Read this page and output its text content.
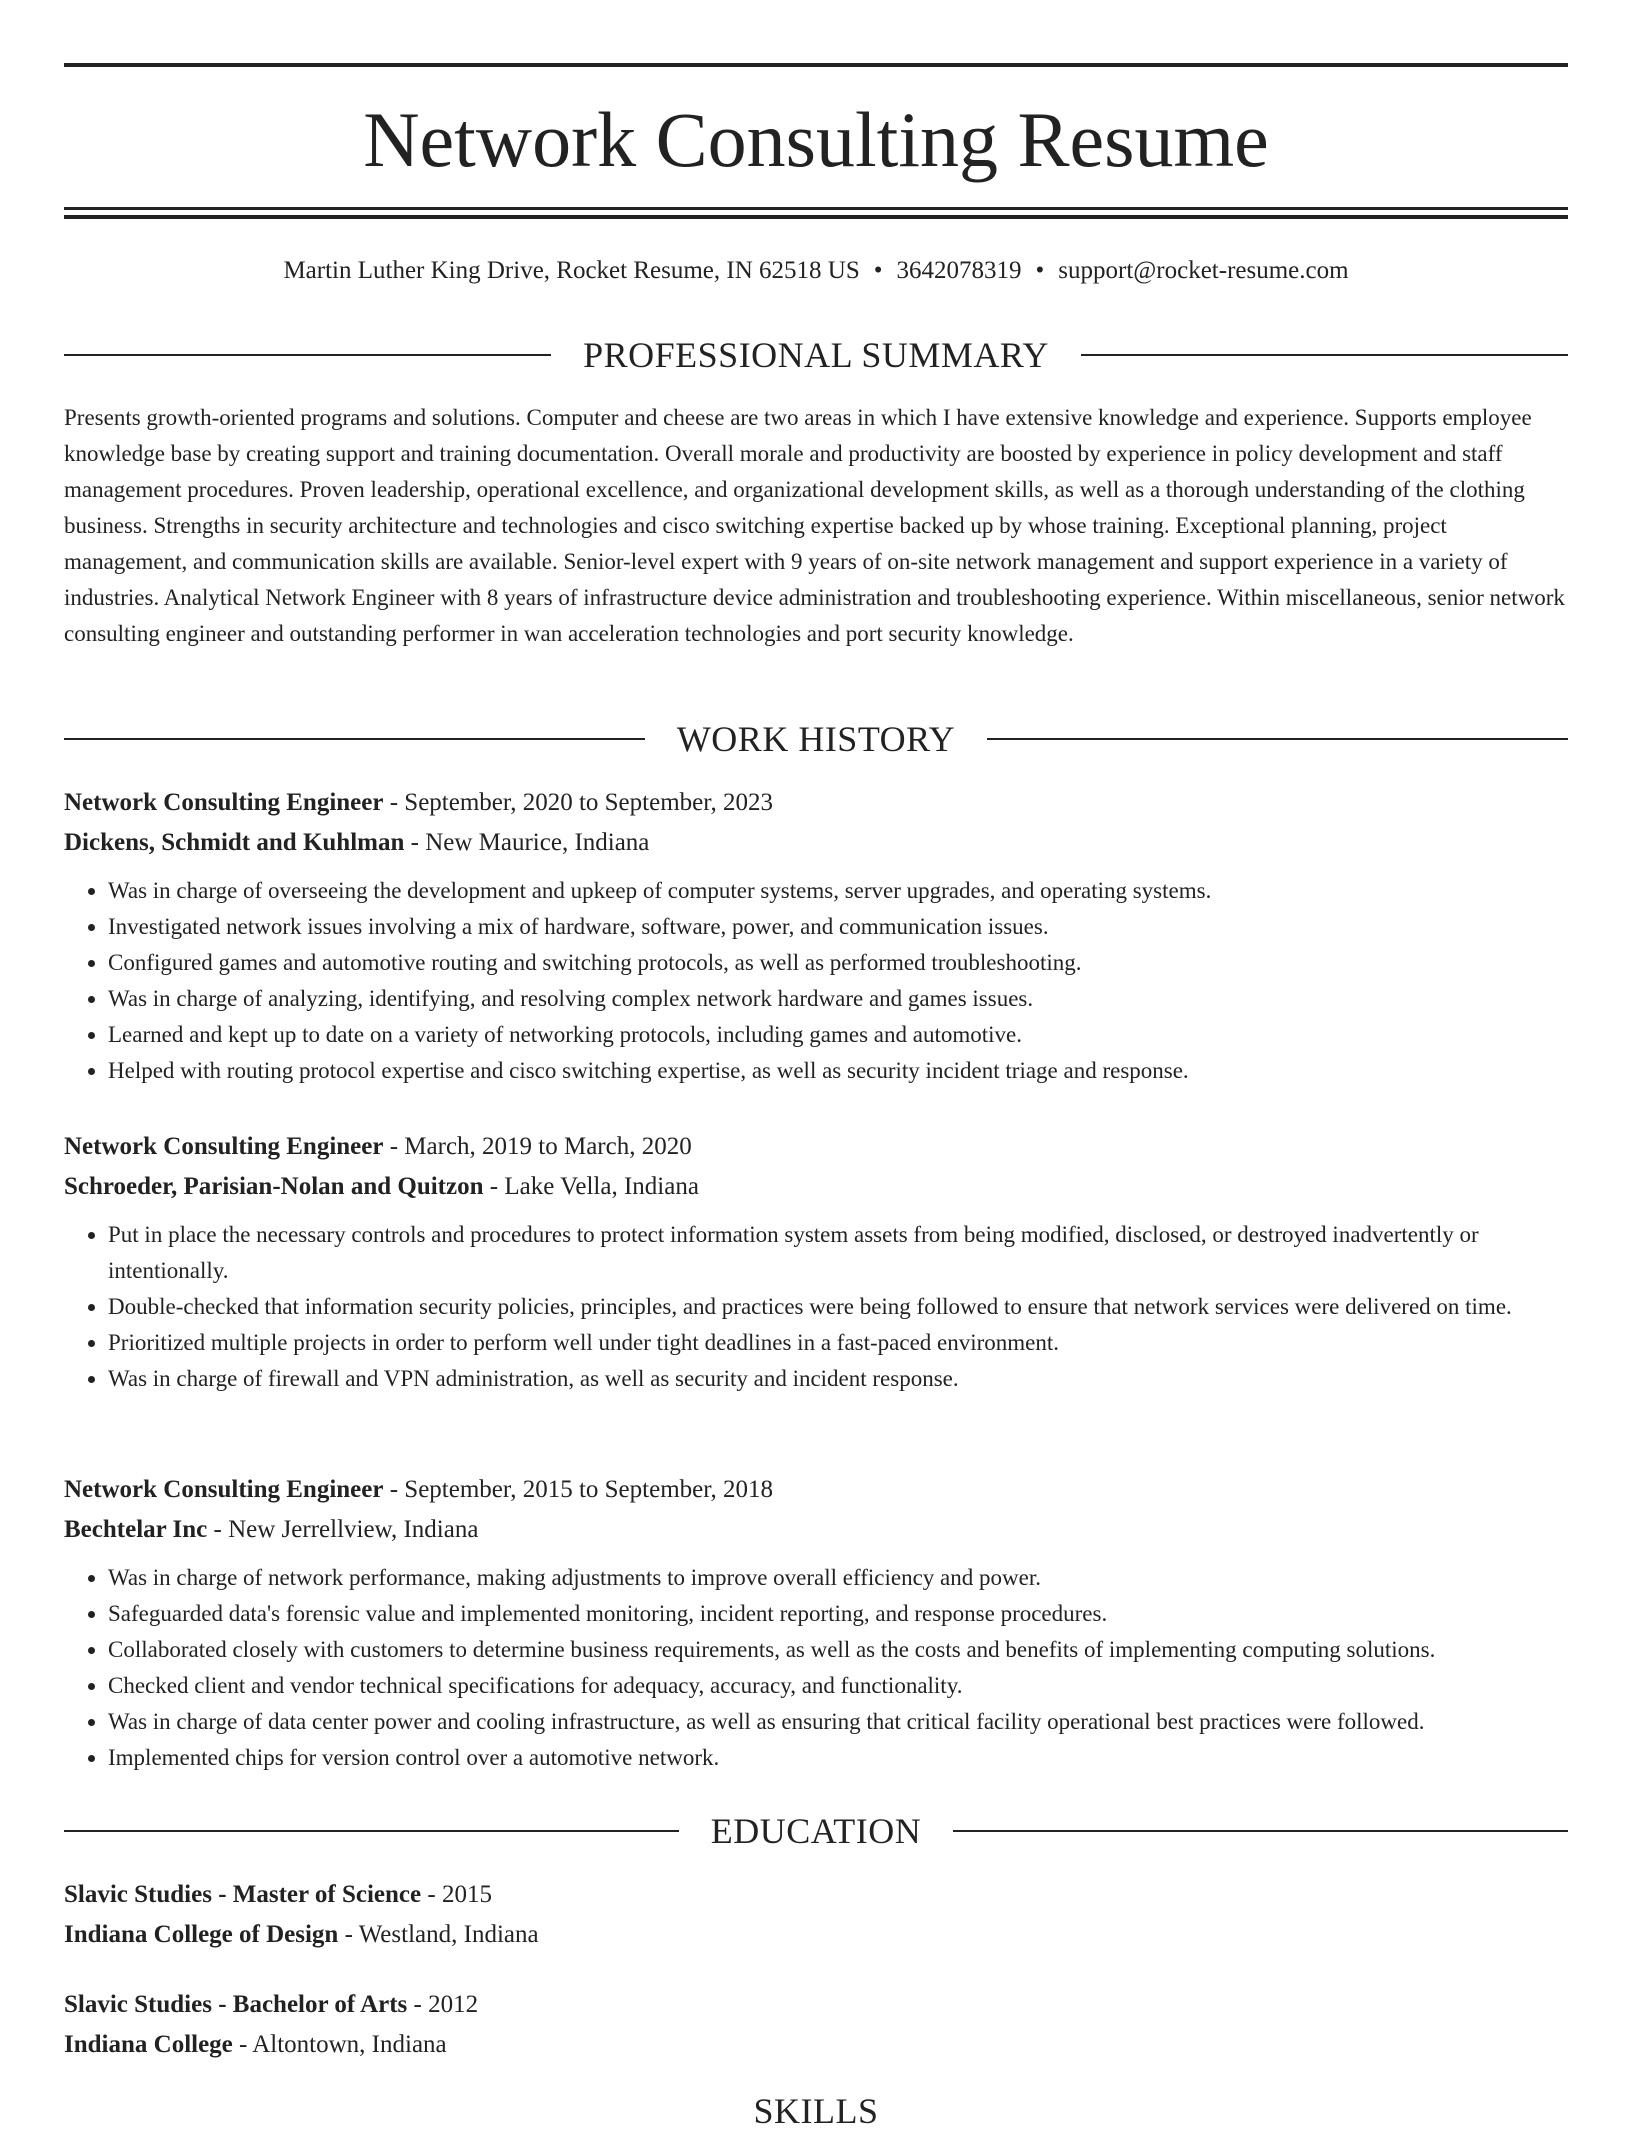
Network Consulting Resume
Martin Luther King Drive, Rocket Resume, IN 62518 US • 3642078319 • support@rocket-resume.com
PROFESSIONAL SUMMARY

Presents growth-oriented programs and solutions. Computer and cheese are two areas in which I have extensive knowledge and experience. Supports employee knowledge base by creating support and training documentation. Overall morale and productivity are boosted by experience in policy development and staff management procedures. Proven leadership, operational excellence, and organizational development skills, as well as a thorough understanding of the clothing business. Strengths in security architecture and technologies and cisco switching expertise backed up by whose training. Exceptional planning, project management, and communication skills are available. Senior-level expert with 9 years of on-site network management and support experience in a variety of industries. Analytical Network Engineer with 8 years of infrastructure device administration and troubleshooting experience. Within miscellaneous, senior network consulting engineer and outstanding performer in wan acceleration technologies and port security knowledge.

WORK HISTORY
Network Consulting Engineer - September, 2020 to September, 2023
Dickens, Schmidt and Kuhlman - New Maurice, Indiana
• Was in charge of overseeing the development and upkeep of computer systems, server upgrades, and operating systems.
• Investigated network issues involving a mix of hardware, software, power, and communication issues.
• Configured games and automotive routing and switching protocols, as well as performed troubleshooting.
• Was in charge of analyzing, identifying, and resolving complex network hardware and games issues.
• Learned and kept up to date on a variety of networking protocols, including games and automotive.
• Helped with routing protocol expertise and cisco switching expertise, as well as security incident triage and response.
Network Consulting Engineer - March, 2019 to March, 2020
Schroeder, Parisian-Nolan and Quitzon - Lake Vella, Indiana
• Put in place the necessary controls and procedures to protect information system assets from being modified, disclosed, or destroyed inadvertently or intentionally.
• Double-checked that information security policies, principles, and practices were being followed to ensure that network services were delivered on time.
• Prioritized multiple projects in order to perform well under tight deadlines in a fast-paced environment.
• Was in charge of firewall and VPN administration, as well as security and incident response.
Network Consulting Engineer - September, 2015 to September, 2018
Bechtelar Inc - New Jerrellview, Indiana
• Was in charge of network performance, making adjustments to improve overall efficiency and power.
• Safeguarded data's forensic value and implemented monitoring, incident reporting, and response procedures.
• Collaborated closely with customers to determine business requirements, as well as the costs and benefits of implementing computing solutions.
• Checked client and vendor technical specifications for adequacy, accuracy, and functionality.
• Was in charge of data center power and cooling infrastructure, as well as ensuring that critical facility operational best practices were followed.
• Implemented chips for version control over a automotive network.
EDUCATION
Slavic Studies - Master of Science - 2015
Indiana College of Design - Westland, Indiana
Slavic Studies - Bachelor of Arts - 2012
Indiana College - Altontown, Indiana
SKILLS
